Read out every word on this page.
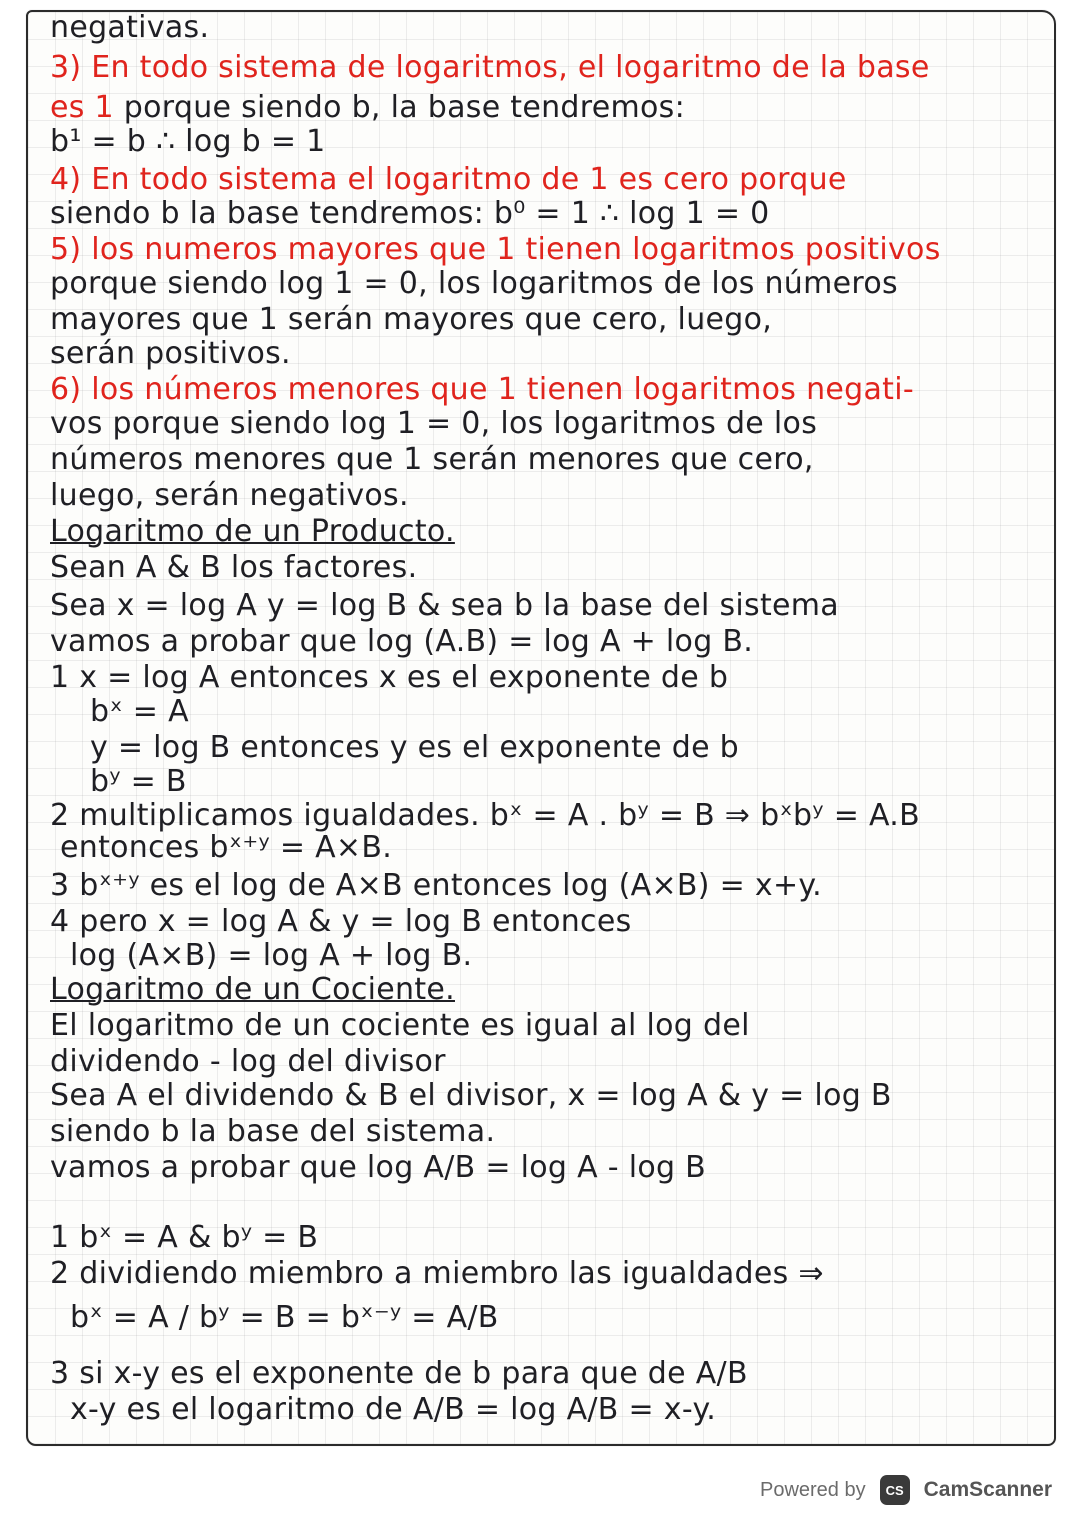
negativas.
3) En todo sistema de logaritmos, el logaritmo de la base
es 1 porque siendo b, la base tendremos:
b¹ = b ∴ log b = 1
4) En todo sistema el logaritmo de 1 es cero porque
siendo b la base tendremos: b⁰ = 1 ∴ log 1 = 0
5) los numeros mayores que 1 tienen logaritmos positivos
porque siendo log 1 = 0, los logaritmos de los números
mayores que 1 serán mayores que cero, luego,
serán positivos.
6) los números menores que 1 tienen logaritmos negati-
vos porque siendo log 1 = 0, los logaritmos de los
números menores que 1 serán menores que cero,
luego, serán negativos.
Logaritmo de un Producto.
Sean A & B los factores.
Sea x = log A y = log B & sea b la base del sistema
vamos a probar que log (A.B) = log A + log B.
1 x = log A entonces x es el exponente de b
bˣ = A
y = log B entonces y es el exponente de b
bʸ = B
2 multiplicamos igualdades. bˣ = A . bʸ = B ⇒ bˣbʸ = A.B
entonces bˣ⁺ʸ = A×B.
3 bˣ⁺ʸ es el log de A×B entonces log (A×B) = x+y.
4 pero x = log A & y = log B entonces
log (A×B) = log A + log B.
Logaritmo de un Cociente.
El logaritmo de un cociente es igual al log del
dividendo - log del divisor
Sea A el dividendo & B el divisor, x = log A & y = log B
siendo b la base del sistema.
vamos a probar que log A/B = log A - log B
1 bˣ = A & bʸ = B
2 dividiendo miembro a miembro las igualdades ⇒
bˣ = A / bʸ = B = bˣ⁻ʸ = A/B
3 si x-y es el exponente de b para que de A/B
x-y es el logaritmo de A/B = log A/B = x-y.
Powered by	CS CamScanner
